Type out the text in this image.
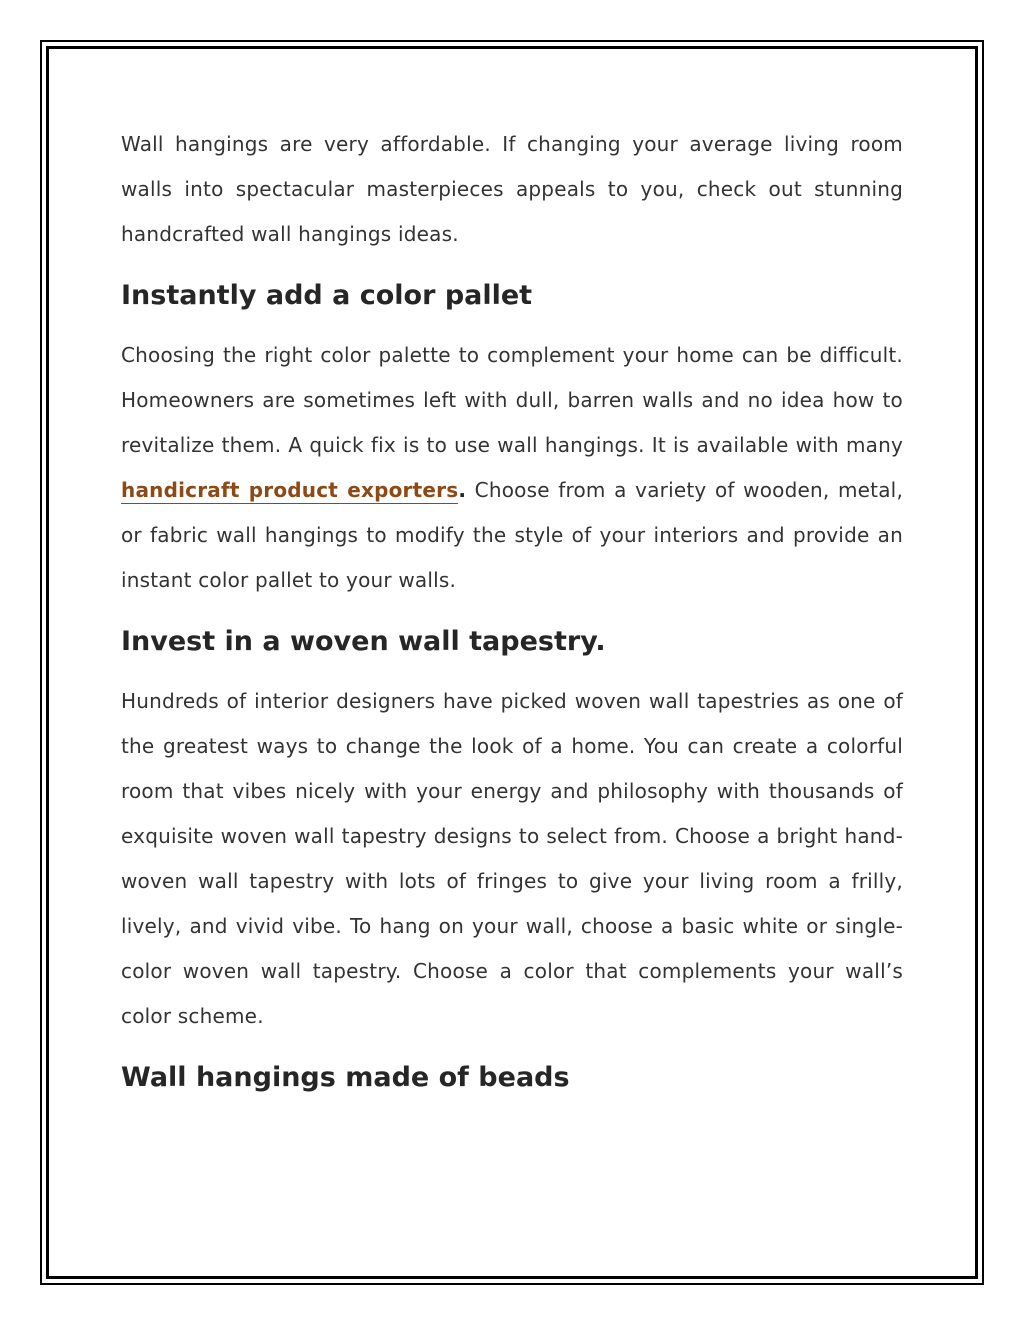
Wall hangings are very affordable. If changing your average living room walls into spectacular masterpieces appeals to you, check out stunning handcrafted wall hangings ideas.

Instantly add a color pallet

Choosing the right color palette to complement your home can be difficult. Homeowners are sometimes left with dull, barren walls and no idea how to revitalize them. A quick fix is to use wall hangings. It is available with many handicraft product exporters. Choose from a variety of wooden, metal, or fabric wall hangings to modify the style of your interiors and provide an instant color pallet to your walls.

Invest in a woven wall tapestry.

Hundreds of interior designers have picked woven wall tapestries as one of the greatest ways to change the look of a home. You can create a colorful room that vibes nicely with your energy and philosophy with thousands of exquisite woven wall tapestry designs to select from. Choose a bright hand-woven wall tapestry with lots of fringes to give your living room a frilly, lively, and vivid vibe. To hang on your wall, choose a basic white or single-color woven wall tapestry. Choose a color that complements your wall’s color scheme.

Wall hangings made of beads
